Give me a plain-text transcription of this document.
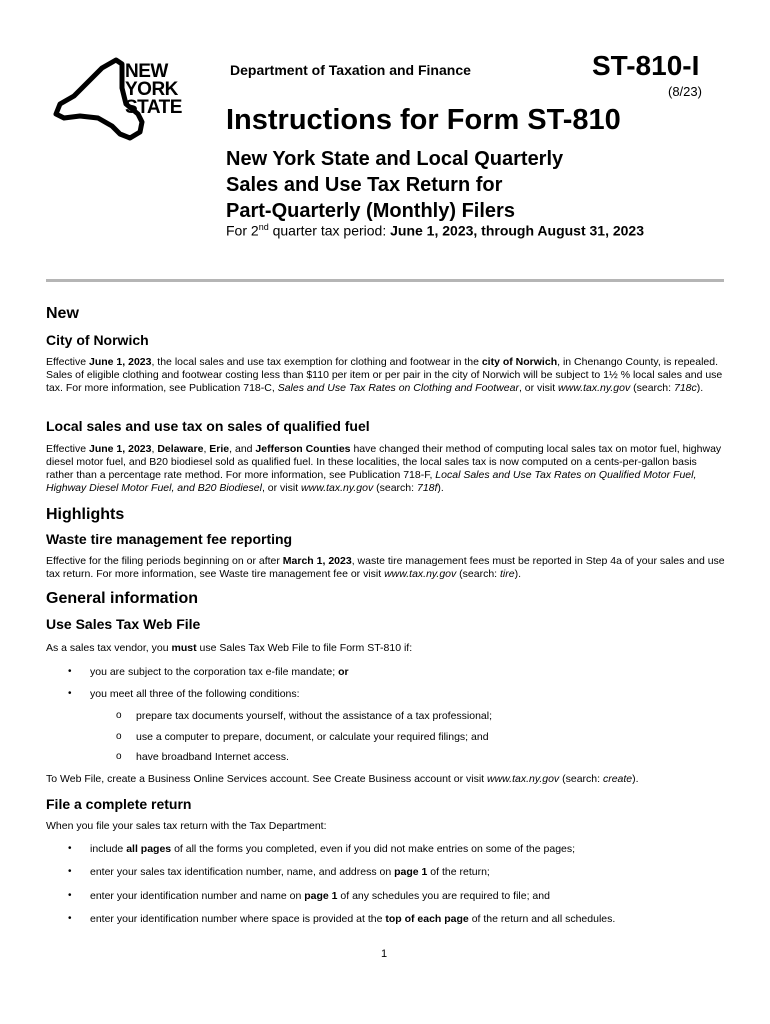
NEW
YORK
STATE
Department of Taxation and Finance	ST-810-I
(8/23)
Instructions for Form ST-810
New York State and Local Quarterly
Sales and Use Tax Return for
Part-Quarterly (Monthly) Filers
For 2nd quarter tax period: June 1, 2023, through August 31, 2023
New
City of Norwich
Effective June 1, 2023, the local sales and use tax exemption for clothing and footwear in the city of Norwich, in Chenango County, is repealed. Sales of eligible clothing and footwear costing less than $110 per item or per pair in the city of Norwich will be subject to 1½ % local sales and use tax. For more information, see Publication 718-C, Sales and Use Tax Rates on Clothing and Footwear, or visit www.tax.ny.gov (search: 718c).
Local sales and use tax on sales of qualified fuel
Effective June 1, 2023, Delaware, Erie, and Jefferson Counties have changed their method of computing local sales tax on motor fuel, highway diesel motor fuel, and B20 biodiesel sold as qualified fuel. In these localities, the local sales tax is now computed on a cents-per-gallon basis rather than a percentage rate method. For more information, see Publication 718-F, Local Sales and Use Tax Rates on Qualified Motor Fuel, Highway Diesel Motor Fuel, and B20 Biodiesel, or visit www.tax.ny.gov (search: 718f).
Highlights
Waste tire management fee reporting
Effective for the filing periods beginning on or after March 1, 2023, waste tire management fees must be reported in Step 4a of your sales and use tax return. For more information, see Waste tire management fee or visit www.tax.ny.gov (search: tire).
General information
Use Sales Tax Web File
As a sales tax vendor, you must use Sales Tax Web File to file Form ST-810 if:
• you are subject to the corporation tax e-file mandate; or
• you meet all three of the following conditions:
o prepare tax documents yourself, without the assistance of a tax professional;
o use a computer to prepare, document, or calculate your required filings; and
o have broadband Internet access.
To Web File, create a Business Online Services account. See Create Business account or visit www.tax.ny.gov (search: create).
File a complete return
When you file your sales tax return with the Tax Department:
• include all pages of all the forms you completed, even if you did not make entries on some of the pages;
• enter your sales tax identification number, name, and address on page 1 of the return;
• enter your identification number and name on page 1 of any schedules you are required to file; and
• enter your identification number where space is provided at the top of each page of the return and all schedules.
1
